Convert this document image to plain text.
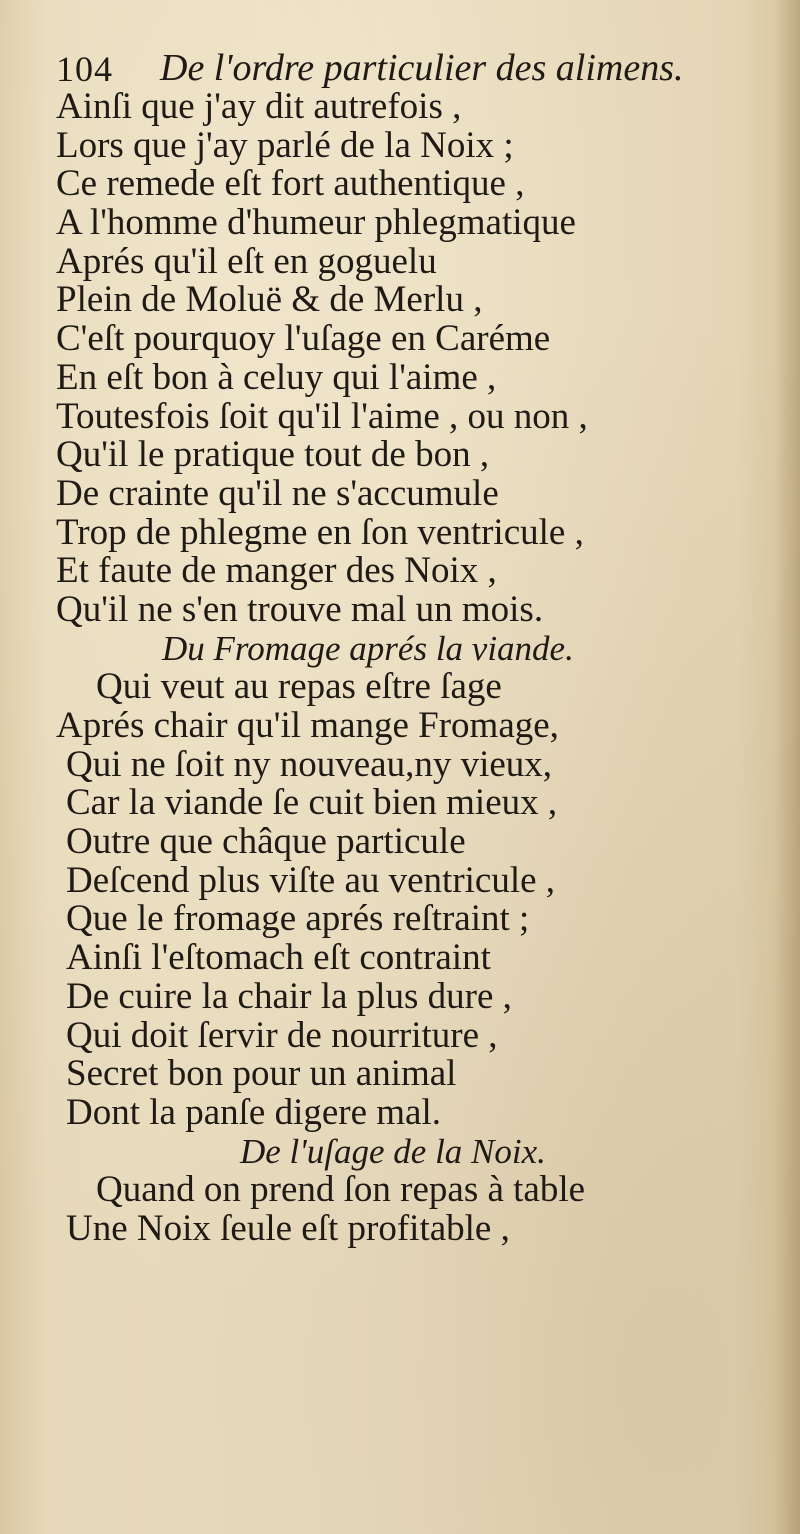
104 De l'ordre particulier des alimens.
Ainſi que j'ay dit autrefois ,
Lors que j'ay parlé de la Noix ;
Ce remede eſt fort authentique ,
A l'homme d'humeur phlegmatique
Aprés qu'il eſt en goguelu
Plein de Moluë & de Merlu ,
C'eſt pourquoy l'uſage en Caréme
En eſt bon à celuy qui l'aime ,
Toutesfois ſoit qu'il l'aime , ou non ,
Qu'il le pratique tout de bon ,
De crainte qu'il ne s'accumule
Trop de phlegme en ſon ventricule ,
Et faute de manger des Noix ,
Qu'il ne s'en trouve mal un mois.
Du Fromage aprés la viande.
Qui veut au repas eſtre ſage
Aprés chair qu'il mange Fromage,
Qui ne ſoit ny nouveau,ny vieux,
Car la viande ſe cuit bien mieux ,
Outre que châque particule
Deſcend plus viſte au ventricule ,
Que le fromage aprés reſtraint ;
Ainſi l'eſtomach eſt contraint
De cuire la chair la plus dure ,
Qui doit ſervir de nourriture ,
Secret bon pour un animal
Dont la panſe digere mal.
De l'uſage de la Noix.
Quand on prend ſon repas à table
Une Noix ſeule eſt profitable ,
